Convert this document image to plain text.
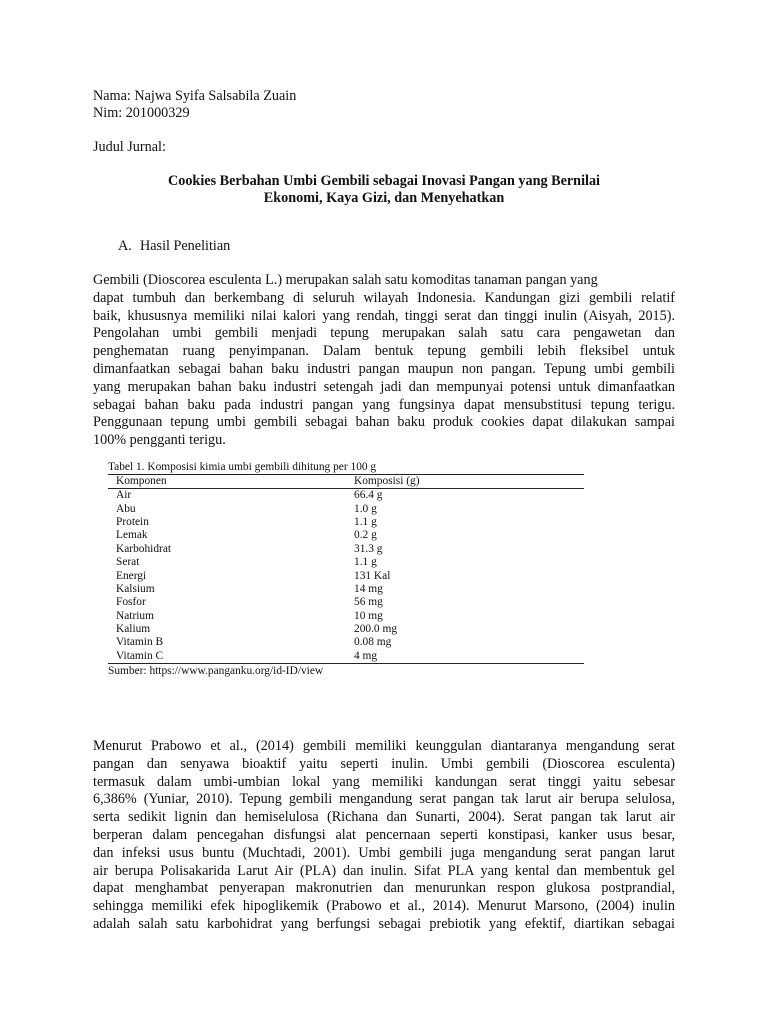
Nama: Najwa Syifa Salsabila Zuain
Nim: 201000329
Judul Jurnal:
Cookies Berbahan Umbi Gembili sebagai Inovasi Pangan yang Bernilai
Ekonomi, Kaya Gizi, dan Menyehatkan
A. Hasil Penelitian
Gembili (Dioscorea esculenta L.) merupakan salah satu komoditas tanaman pangan yang
dapat tumbuh dan berkembang di seluruh wilayah Indonesia. Kandungan gizi gembili relatif
baik, khususnya memiliki nilai kalori yang rendah, tinggi serat dan tinggi inulin (Aisyah, 2015).
Pengolahan umbi gembili menjadi tepung merupakan salah satu cara pengawetan dan
penghematan ruang penyimpanan. Dalam bentuk tepung gembili lebih fleksibel untuk
dimanfaatkan sebagai bahan baku industri pangan maupun non pangan. Tepung umbi gembili
yang merupakan bahan baku industri setengah jadi dan mempunyai potensi untuk dimanfaatkan
sebagai bahan baku pada industri pangan yang fungsinya dapat mensubstitusi tepung terigu.
Penggunaan tepung umbi gembili sebagai bahan baku produk cookies dapat dilakukan sampai
100% pengganti terigu.
Tabel 1. Komposisi kimia umbi gembili dihitung per 100 g
Komponen	Komposisi (g)
Air	66.4 g
Abu	1.0 g
Protein	1.1 g
Lemak	0.2 g
Karbohidrat	31.3 g
Serat	1.1 g
Energi	131 Kal
Kalsium	14 mg
Fosfor	56 mg
Natrium	10 mg
Kalium	200.0 mg
Vitamin B	0.08 mg
Vitamin C	4 mg
Sumber: https://www.panganku.org/id-ID/view
Menurut Prabowo et al., (2014) gembili memiliki keunggulan diantaranya mengandung serat
pangan dan senyawa bioaktif yaitu seperti inulin. Umbi gembili (Dioscorea esculenta)
termasuk dalam umbi-umbian lokal yang memiliki kandungan serat tinggi yaitu sebesar
6,386% (Yuniar, 2010). Tepung gembili mengandung serat pangan tak larut air berupa selulosa,
serta sedikit lignin dan hemiselulosa (Richana dan Sunarti, 2004). Serat pangan tak larut air
berperan dalam pencegahan disfungsi alat pencernaan seperti konstipasi, kanker usus besar,
dan infeksi usus buntu (Muchtadi, 2001). Umbi gembili juga mengandung serat pangan larut
air berupa Polisakarida Larut Air (PLA) dan inulin. Sifat PLA yang kental dan membentuk gel
dapat menghambat penyerapan makronutrien dan menurunkan respon glukosa postprandial,
sehingga memiliki efek hipoglikemik (Prabowo et al., 2014). Menurut Marsono, (2004) inulin
adalah salah satu karbohidrat yang berfungsi sebagai prebiotik yang efektif, diartikan sebagai
